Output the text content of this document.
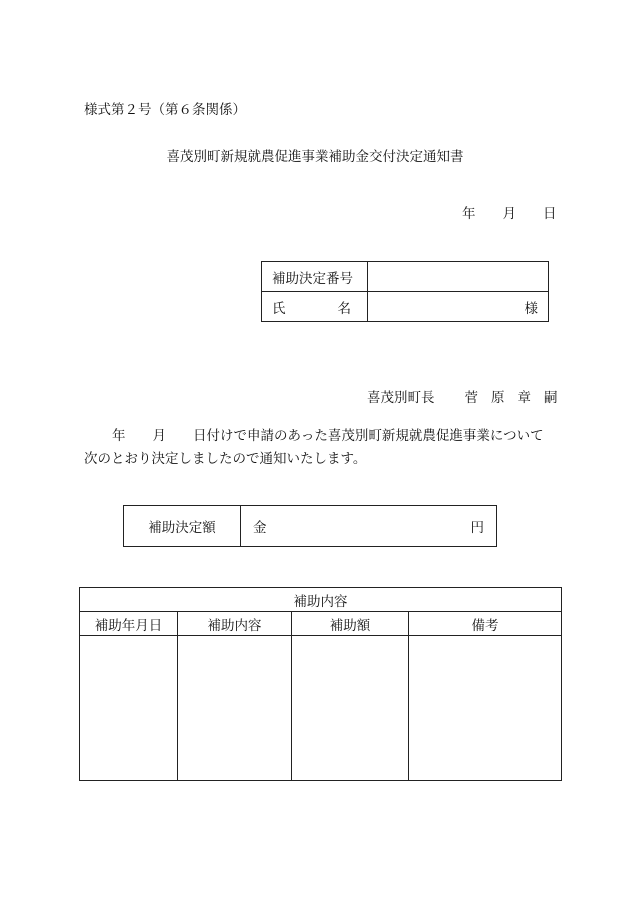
様式第２号（第６条関係）
喜茂別町新規就農促進事業補助金交付決定通知書
年 月 日
補助決定番号	

氏 名	様
喜茂別町長 菅 原 章 嗣
年 月 日付けで申請のあった喜茂別町新規就農促進事業について
次のとおり決定しましたので通知いたします。
補助決定額	金	円
補助内容			
補助年月日	補助内容	補助額	備考
